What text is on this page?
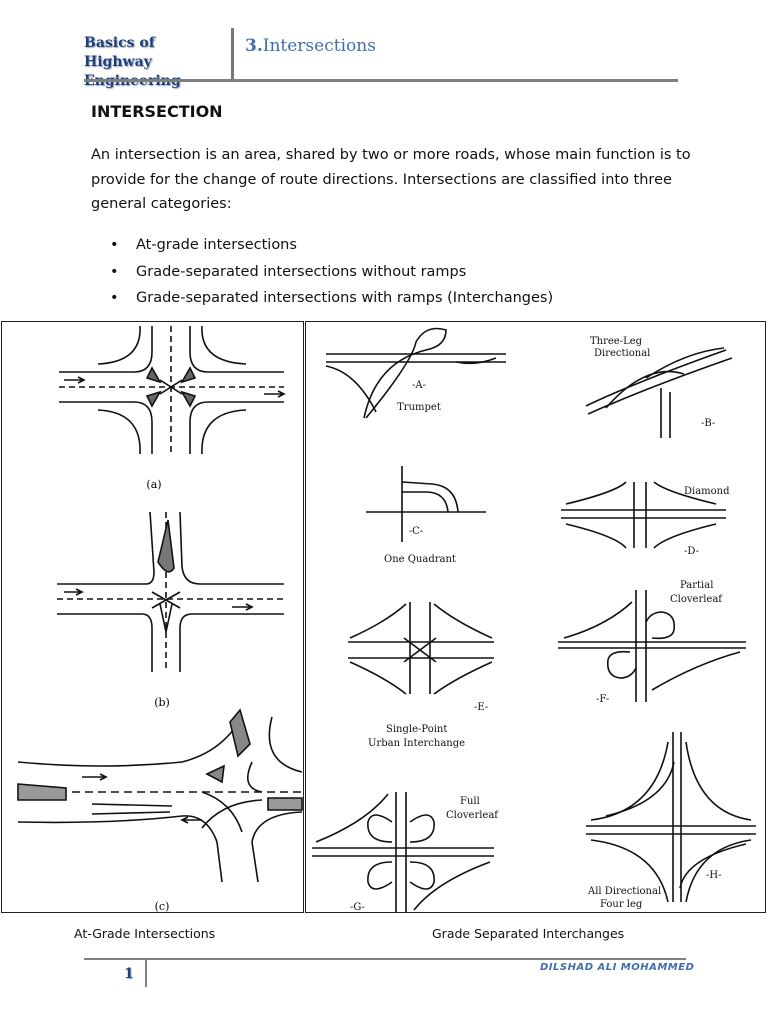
Basics of Highway
3.Intersections
INTERSECTION
An intersection is an area, shared by two or more roads, whose main function is to provide for the change of route directions. Intersections are classified into three general categories:
• At-grade intersections
• Grade-separated intersections without ramps
• Grade-separated intersections with ramps (Interchanges)
(a)
(b)
(c)
-A-
Trumpet
Three-Leg
Directional
-B-
-C-
One Quadrant
Diamond
-D-
-E-
Single-Point
Urban Interchange
Partial
Cloverleaf
-F-
Full
Cloverleaf
-G-
-H-
All Directional
Four leg
At-Grade Intersections	Grade Separated Interchanges
1	DILSHAD ALI MOHAMMED
